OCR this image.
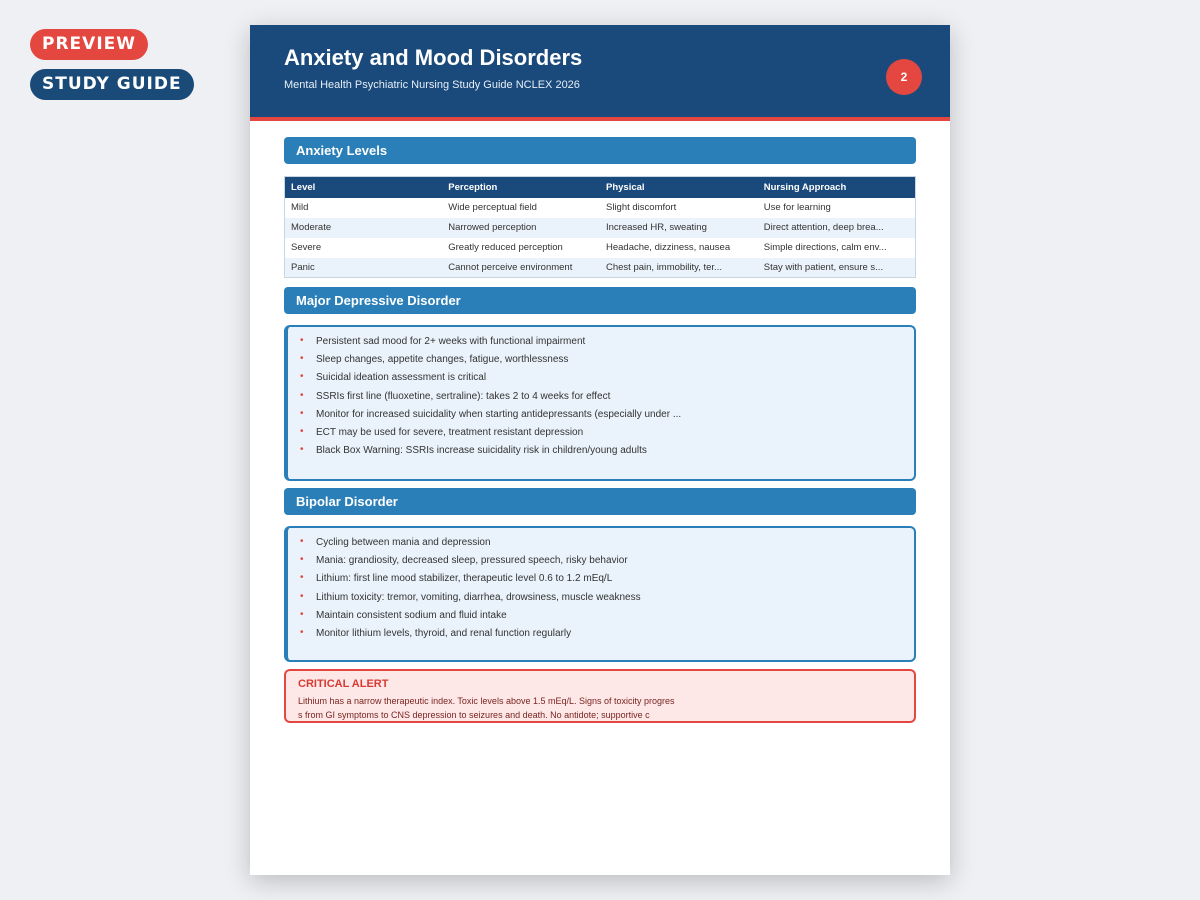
PREVIEW
STUDY GUIDE
Anxiety and Mood Disorders
Mental Health Psychiatric Nursing Study Guide NCLEX 2026
2
Anxiety Levels
Level	Perception	Physical	Nursing Approach
Mild	Wide perceptual field	Slight discomfort	Use for learning
Moderate	Narrowed perception	Increased HR, sweating	Direct attention, deep brea...
Severe	Greatly reduced perception	Headache, dizziness, nausea	Simple directions, calm env...
Panic	Cannot perceive environment	Chest pain, immobility, ter...	Stay with patient, ensure s...
Major Depressive Disorder
• Persistent sad mood for 2+ weeks with functional impairment
• Sleep changes, appetite changes, fatigue, worthlessness
• Suicidal ideation assessment is critical
• SSRIs first line (fluoxetine, sertraline): takes 2 to 4 weeks for effect
• Monitor for increased suicidality when starting antidepressants (especially under ...
• ECT may be used for severe, treatment resistant depression
• Black Box Warning: SSRIs increase suicidality risk in children/young adults
Bipolar Disorder
• Cycling between mania and depression
• Mania: grandiosity, decreased sleep, pressured speech, risky behavior
• Lithium: first line mood stabilizer, therapeutic level 0.6 to 1.2 mEq/L
• Lithium toxicity: tremor, vomiting, diarrhea, drowsiness, muscle weakness
• Maintain consistent sodium and fluid intake
• Monitor lithium levels, thyroid, and renal function regularly
CRITICAL ALERT
Lithium has a narrow therapeutic index. Toxic levels above 1.5 mEq/L. Signs of toxicity progress from GI symptoms to CNS depression to seizures and death. No antidote; supportive c
